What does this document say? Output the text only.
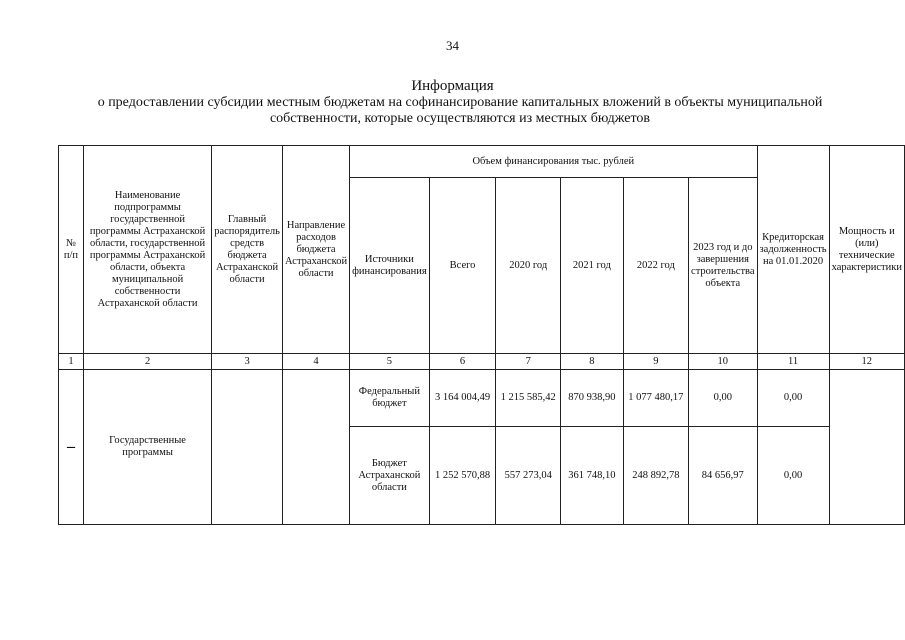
34
Информация
о предоставлении субсидии местным бюджетам на софинансирование капитальных вложений в объекты муниципальной собственности, которые осуществляются из местных бюджетов
№ п/п	Наименование подпрограммы государственной программы Астраханской области, государственной программы Астраханской области, объекта муниципальной собственности Астраханской области	Главный распорядитель средств бюджета Астраханской области	Направление расходов бюджета Астраханской области	Объем финансирования тыс. рублей						Кредиторская задолженность на 01.01.2020	Мощность и (или) технические характеристики
				Источники финансирования	Всего	2020 год	2021 год	2022 год	2023 год и до завершения строительства объекта		
1	2	3	4	5	6	7	8	9	10	11	12
–	Государственные программы			Федеральный бюджет	3 164 004,49	1 215 585,42	870 938,90	1 077 480,17	0,00	0,00	
				Бюджет Астраханской области	1 252 570,88	557 273,04	361 748,10	248 892,78	84 656,97	0,00	
